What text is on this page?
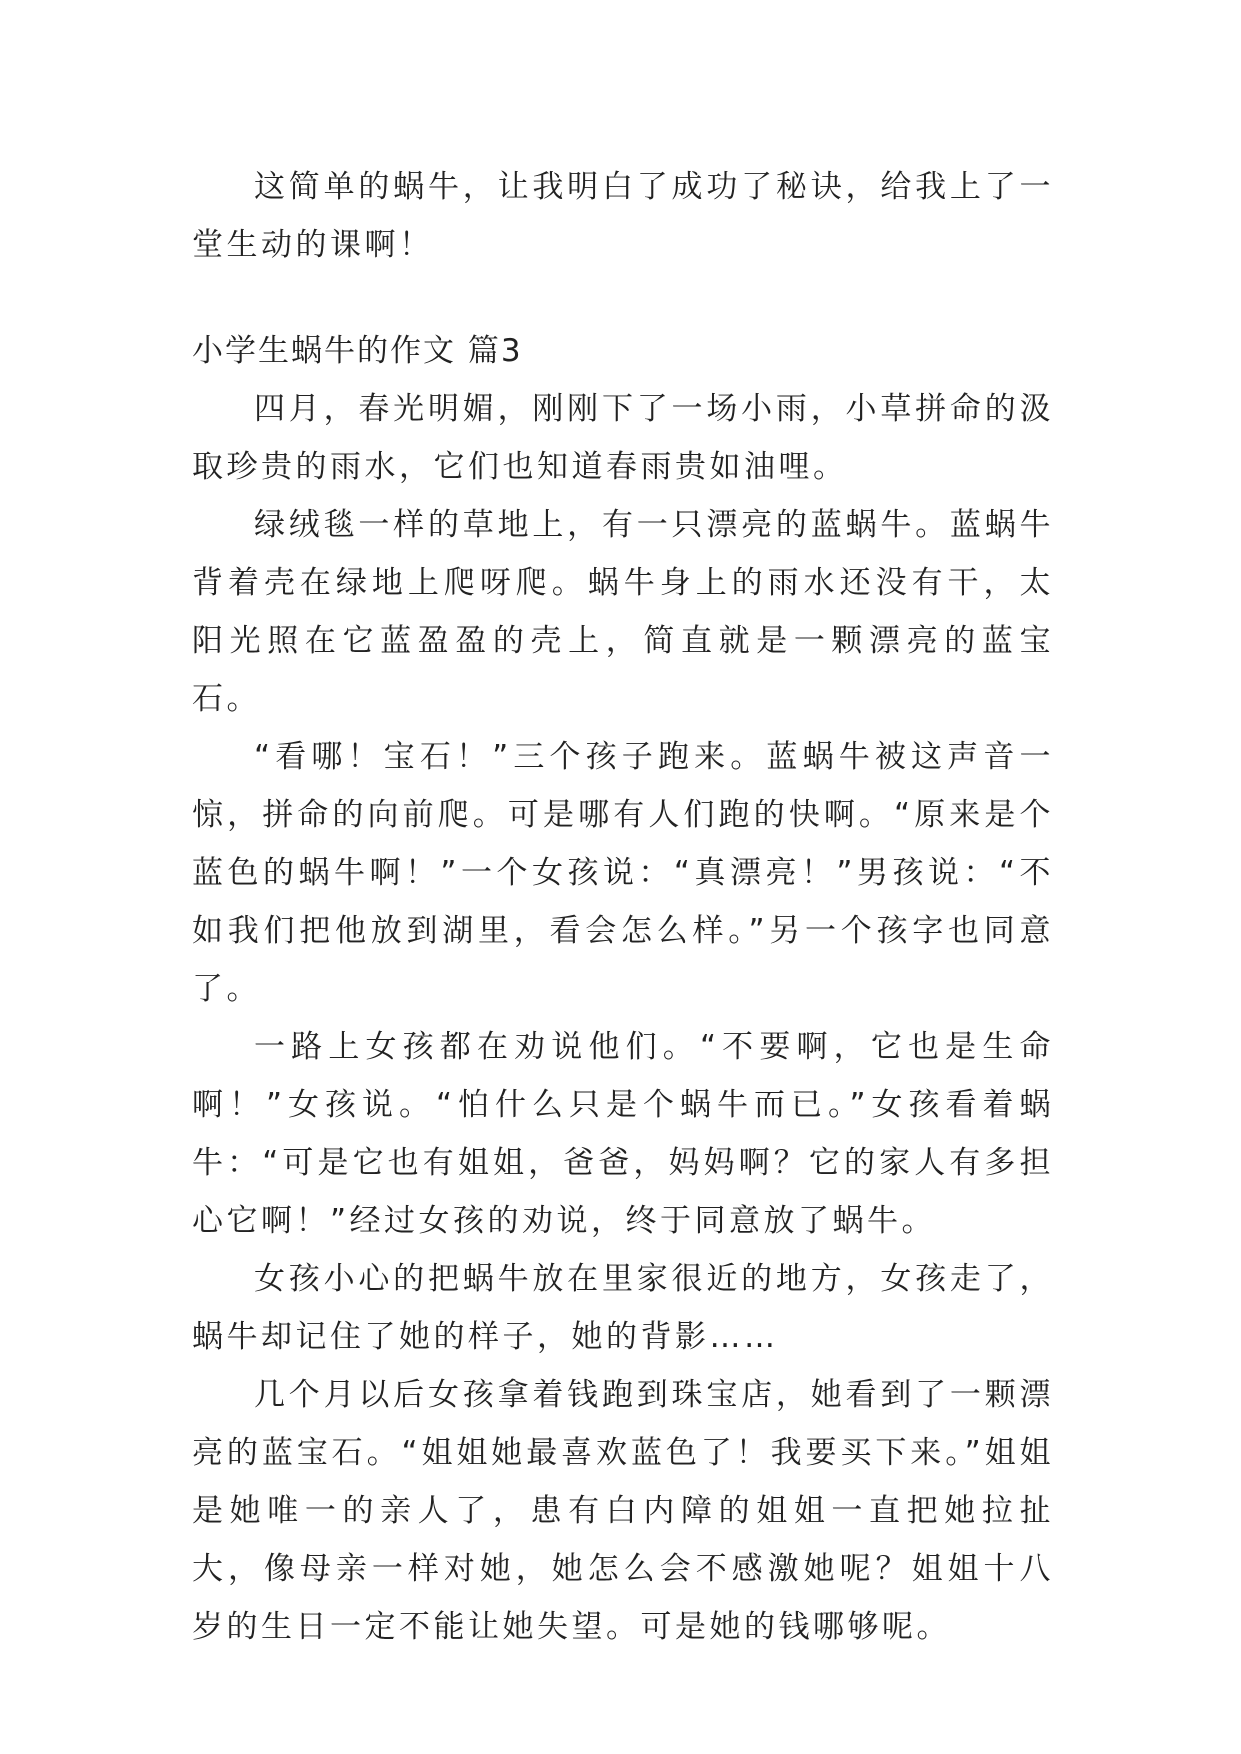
这简单的蜗牛，让我明白了成功了秘诀，给我上了一堂生动的课啊！

小学生蜗牛的作文 篇3

四月，春光明媚，刚刚下了一场小雨，小草拼命的汲取珍贵的雨水，它们也知道春雨贵如油哩。

绿绒毯一样的草地上，有一只漂亮的蓝蜗牛。蓝蜗牛背着壳在绿地上爬呀爬。蜗牛身上的雨水还没有干，太阳光照在它蓝盈盈的壳上，简直就是一颗漂亮的蓝宝石。

“看哪！宝石！”三个孩子跑来。蓝蜗牛被这声音一惊，拼命的向前爬。可是哪有人们跑的快啊。“原来是个蓝色的蜗牛啊！”一个女孩说：“真漂亮！”男孩说：“不如我们把他放到湖里，看会怎么样。”另一个孩字也同意了。

一路上女孩都在劝说他们。“不要啊，它也是生命啊！”女孩说。“怕什么只是个蜗牛而已。”女孩看着蜗牛：“可是它也有姐姐，爸爸，妈妈啊？它的家人有多担心它啊！”经过女孩的劝说，终于同意放了蜗牛。

女孩小心的把蜗牛放在里家很近的地方，女孩走了，蜗牛却记住了她的样子，她的背影……

几个月以后女孩拿着钱跑到珠宝店，她看到了一颗漂亮的蓝宝石。“姐姐她最喜欢蓝色了！我要买下来。”姐姐是她唯一的亲人了，患有白内障的姐姐一直把她拉扯大，像母亲一样对她，她怎么会不感激她呢？姐姐十八岁的生日一定不能让她失望。可是她的钱哪够呢。
